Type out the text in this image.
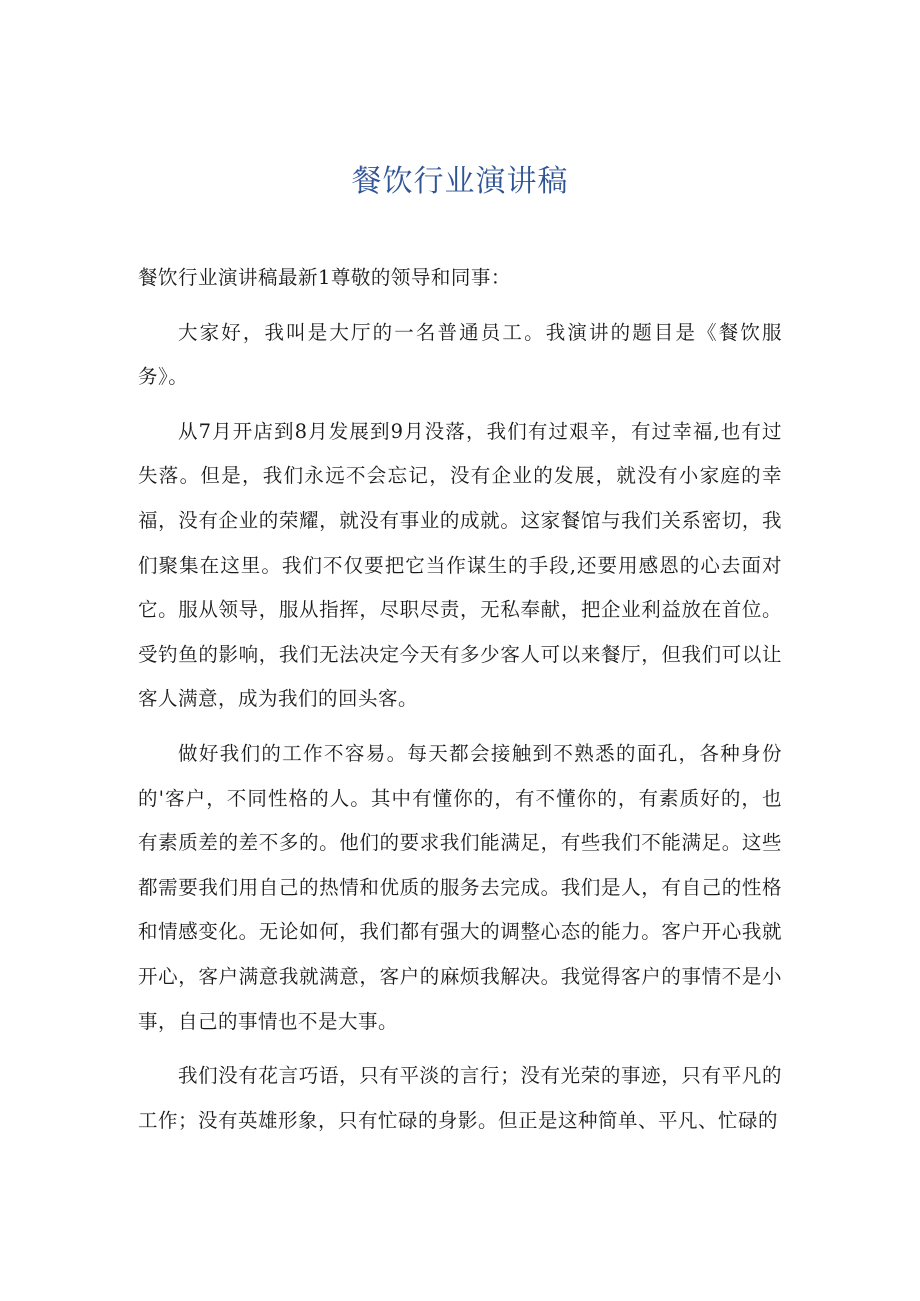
餐饮行业演讲稿

餐饮行业演讲稿最新1尊敬的领导和同事：

大家好，我叫是大厅的一名普通员工。我演讲的题目是《餐饮服务》。

从7月开店到8月发展到9月没落，我们有过艰辛，有过幸福,也有过失落。但是，我们永远不会忘记，没有企业的发展，就没有小家庭的幸福，没有企业的荣耀，就没有事业的成就。这家餐馆与我们关系密切，我们聚集在这里。我们不仅要把它当作谋生的手段,还要用感恩的心去面对它。服从领导，服从指挥，尽职尽责，无私奉献，把企业利益放在首位。受钓鱼的影响，我们无法决定今天有多少客人可以来餐厅，但我们可以让客人满意，成为我们的回头客。

做好我们的工作不容易。每天都会接触到不熟悉的面孔，各种身份的'客户，不同性格的人。其中有懂你的，有不懂你的，有素质好的，也有素质差的差不多的。他们的要求我们能满足，有些我们不能满足。这些都需要我们用自己的热情和优质的服务去完成。我们是人，有自己的性格和情感变化。无论如何，我们都有强大的调整心态的能力。客户开心我就开心，客户满意我就满意，客户的麻烦我解决。我觉得客户的事情不是小事，自己的事情也不是大事。

我们没有花言巧语，只有平淡的言行；没有光荣的事迹，只有平凡的工作；没有英雄形象，只有忙碌的身影。但正是这种简单、平凡、忙碌的
